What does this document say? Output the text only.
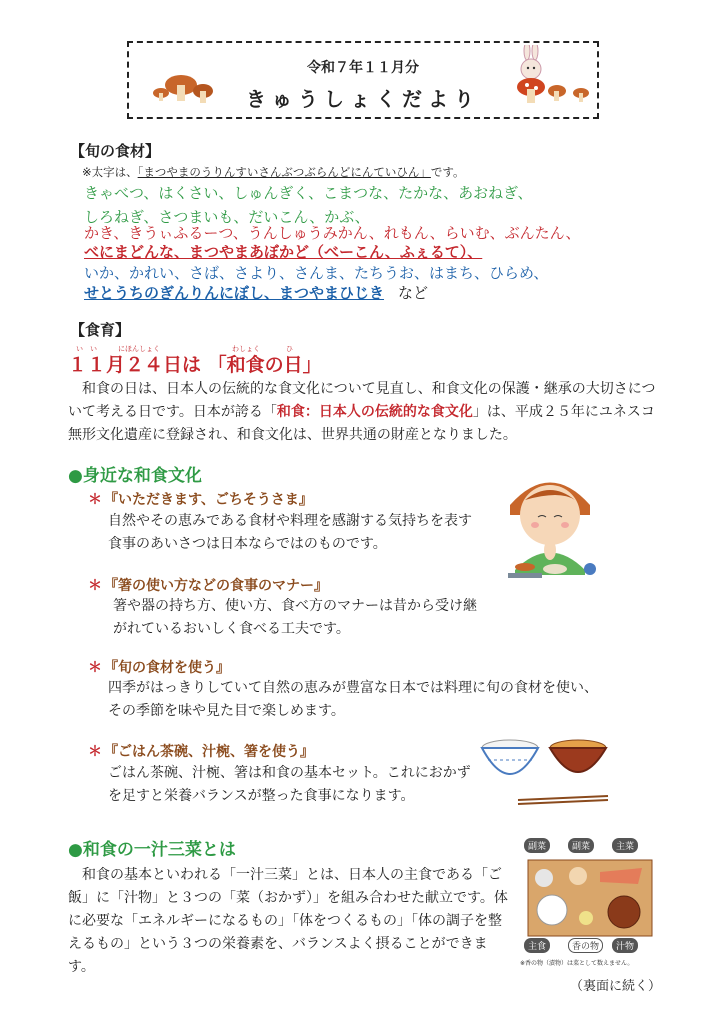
令和７年１１月分
きゅうしょくだより
【旬の食材】
※太字は、「まつやまのうりんすいさんぶつぶらんどにんていひん」です。
きゃべつ、はくさい、しゅんぎく、こまつな、たかな、あおねぎ、
しろねぎ、さつまいも、だいこん、かぶ、
かき、きうぃふるーつ、うんしゅうみかん、れもん、らいむ、ぶんたん、
べにまどんな、まつやまあぼかど（べーこん、ふぇるて）、
いか、かれい、さば、さより、さんま、たちうお、はまち、ひらめ、
せとうちのぎんりんにぼし、まつやまひじき など
【食育】
い　い	にほんしょく	わしょく	ひ
１１月２４日は 「和食の日」
　和食の日は、日本人の伝統的な食文化について見直し、和食文化の保護・継承の大切さについて考える日です。日本が誇る「和食：日本人の伝統的な食文化」は、平成２５年にユネスコ無形文化遺産に登録され、和食文化は、世界共通の財産となりました。
●身近な和食文化
＊ 『いただきます、ごちそうさま』
自然やその恵みである食材や料理を感謝する気持ちを表す食事のあいさつは日本ならではのものです。
＊ 『箸の使い方などの食事のマナー』
箸や器の持ち方、使い方、食べ方のマナーは昔から受け継がれているおいしく食べる工夫です。
＊ 『旬の食材を使う』
四季がはっきりしていて自然の恵みが豊富な日本では料理に旬の食材を使い、その季節を味や見た目で楽しめます。
＊ 『ごはん茶碗、汁椀、箸を使う』
ごはん茶碗、汁椀、箸は和食の基本セット。これにおかずを足すと栄養バランスが整った食事になります。
●和食の一汁三菜とは
　和食の基本といわれる「一汁三菜」とは、日本人の主食である「ご飯」に「汁物」と３つの「菜（おかず）」を組み合わせた献立です。体に必要な「エネルギーになるもの」「体をつくるもの」「体の調子を整えるもの」という３つの栄養素を、バランスよく摂ることができます。
副菜	副菜	主菜
主食	香の物	汁物
※香の物（漬物）は菜として数えません。
（裏面に続く）
